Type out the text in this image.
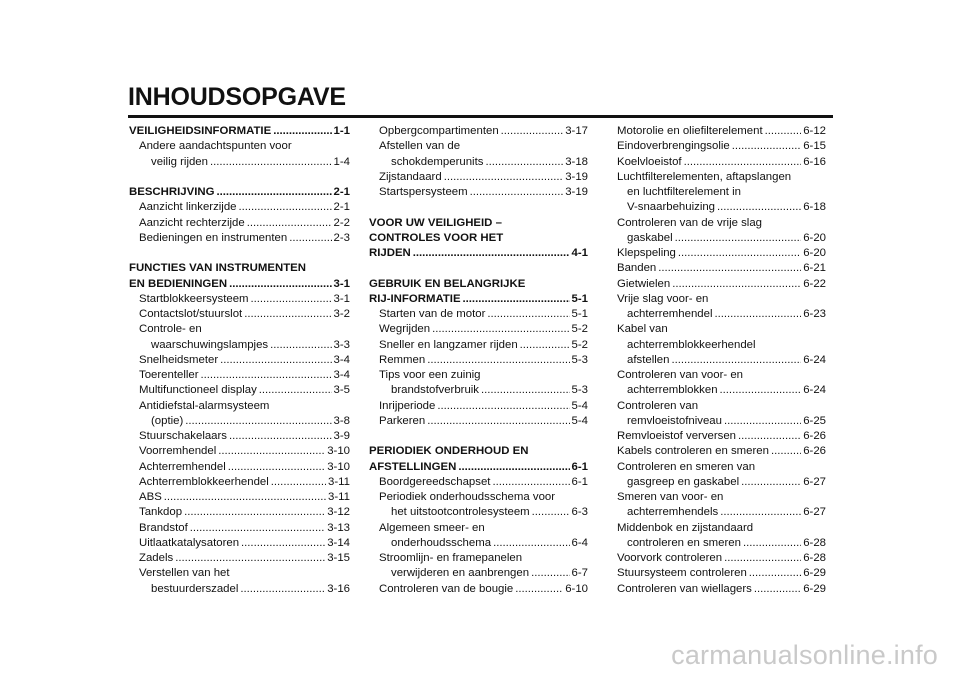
INHOUDSOPGAVE
VEILIGHEIDSINFORMATIE . . .	1-1
Andere aandachtspunten voor
veilig rijden . . .	1-4
BESCHRIJVING . . .	2-1
Aanzicht linkerzijde . . .	2-1
Aanzicht rechterzijde . . .	2-2
Bedieningen en instrumenten . . .	2-3
FUNCTIES VAN INSTRUMENTEN
EN BEDIENINGEN . . .	3-1
Startblokkeersysteem . . .	3-1
Contactslot/stuurslot . . .	3-2
Controle- en
waarschuwingslampjes . . .	3-3
Snelheidsmeter . . .	3-4
Toerenteller . . .	3-4
Multifunctioneel display . . .	3-5
Antidiefstal-alarmsysteem
(optie) . . .	3-8
Stuurschakelaars . . .	3-9
Voorremhendel . . .	3-10
Achterremhendel . . .	3-10
Achterremblokkeerhendel . . .	3-11
ABS . . .	3-11
Tankdop . . .	3-12
Brandstof . . .	3-13
Uitlaatkatalysatoren . . .	3-14
Zadels . . .	3-15
Verstellen van het
bestuurderszadel . . .	3-16
Opbergcompartimenten . . .	3-17
Afstellen van de
schokdemperunits . . .	3-18
Zijstandaard . . .	3-19
Startspersysteem . . .	3-19
VOOR UW VEILIGHEID –
CONTROLES VOOR HET
RIJDEN . . .	4-1
GEBRUIK EN BELANGRIJKE
RIJ-INFORMATIE . . .	5-1
Starten van de motor . . .	5-1
Wegrijden . . .	5-2
Sneller en langzamer rijden . . .	5-2
Remmen . . .	5-3
Tips voor een zuinig
brandstofverbruik . . .	5-3
Inrijperiode . . .	5-4
Parkeren . . .	5-4
PERIODIEK ONDERHOUD EN
AFSTELLINGEN . . .	6-1
Boordgereedschapset . . .	6-1
Periodiek onderhoudsschema voor
het uitstootcontrolesysteem . . .	6-3
Algemeen smeer- en
onderhoudsschema . . .	6-4
Stroomlijn- en framepanelen
verwijderen en aanbrengen . . .	6-7
Controleren van de bougie . . .	6-10
Motorolie en oliefilterelement . . .	6-12
Eindoverbrengingsolie . . .	6-15
Koelvloeistof . . .	6-16
Luchtfilterelementen, aftapslangen
en luchtfilterelement in
V-snaarbehuizing . . .	6-18
Controleren van de vrije slag
gaskabel . . .	6-20
Klepspeling . . .	6-20
Banden . . .	6-21
Gietwielen . . .	6-22
Vrije slag voor- en
achterremhendel . . .	6-23
Kabel van
achterremblokkeerhendel
afstellen . . .	6-24
Controleren van voor- en
achterremblokken . . .	6-24
Controleren van
remvloeistofniveau . . .	6-25
Remvloeistof verversen . . .	6-26
Kabels controleren en smeren . . .	6-26
Controleren en smeren van
gasgreep en gaskabel . . .	6-27
Smeren van voor- en
achterremhendels . . .	6-27
Middenbok en zijstandaard
controleren en smeren . . .	6-28
Voorvork controleren . . .	6-28
Stuursysteem controleren . . .	6-29
Controleren van wiellagers . . .	6-29
carmanualsonline.info
